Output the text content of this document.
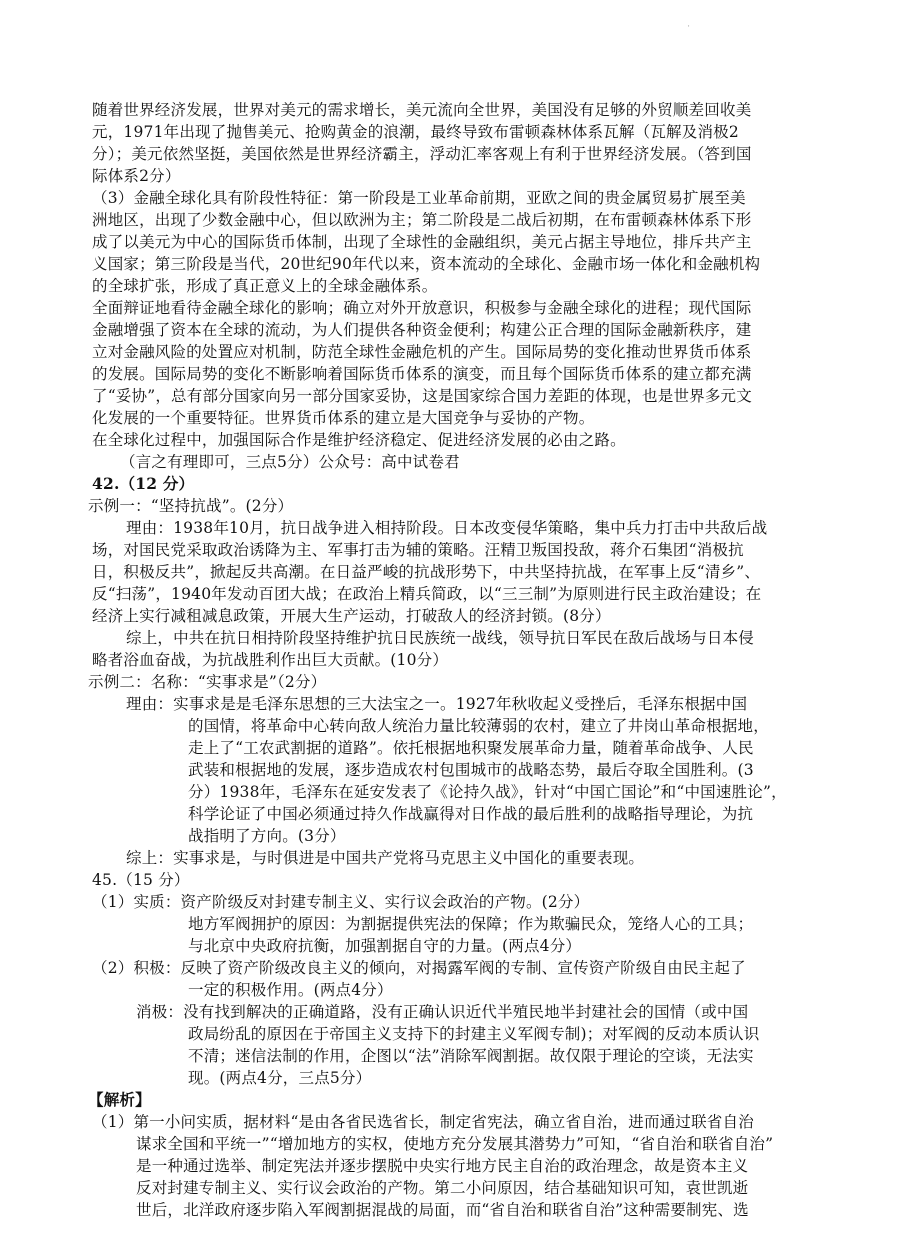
·
随着世界经济发展，世界对美元的需求增长，美元流向全世界，美国没有足够的外贸顺差回收美
元，1971年出现了抛售美元、抢购黄金的浪潮，最终导致布雷顿森林体系瓦解（瓦解及消极2
分）；美元依然坚挺，美国依然是世界经济霸主，浮动汇率客观上有利于世界经济发展。（答到国
际体系2分）
（3）金融全球化具有阶段性特征：第一阶段是工业革命前期，亚欧之间的贵金属贸易扩展至美
洲地区，出现了少数金融中心，但以欧洲为主；第二阶段是二战后初期，在布雷顿森林体系下形
成了以美元为中心的国际货币体制，出现了全球性的金融组织，美元占据主导地位，排斥共产主
义国家；第三阶段是当代，20世纪90年代以来，资本流动的全球化、金融市场一体化和金融机构
的全球扩张，形成了真正意义上的全球金融体系。
全面辩证地看待金融全球化的影响；确立对外开放意识，积极参与金融全球化的进程；现代国际
金融增强了资本在全球的流动，为人们提供各种资金便利；构建公正合理的国际金融新秩序，建
立对金融风险的处置应对机制，防范全球性金融危机的产生。国际局势的变化推动世界货币体系
的发展。国际局势的变化不断影响着国际货币体系的演变，而且每个国际货币体系的建立都充满
了“妥协”，总有部分国家向另一部分国家妥协，这是国家综合国力差距的体现，也是世界多元文
化发展的一个重要特征。世界货币体系的建立是大国竞争与妥协的产物。
在全球化过程中，加强国际合作是维护经济稳定、促进经济发展的必由之路。
（言之有理即可，三点5分）公众号：高中试卷君
42.（12 分）
示例一：“坚持抗战”。(2分）
理由：1938年10月，抗日战争进入相持阶段。日本改变侵华策略，集中兵力打击中共敌后战
场，对国民党采取政治诱降为主、军事打击为辅的策略。汪精卫叛国投敌，蒋介石集团“消极抗
日，积极反共”，掀起反共高潮。在日益严峻的抗战形势下，中共坚持抗战，在军事上反“清乡”、
反“扫荡”，1940年发动百团大战；在政治上精兵简政，以“三三制”为原则进行民主政治建设；在
经济上实行减租减息政策，开展大生产运动，打破敌人的经济封锁。(8分）
综上，中共在抗日相持阶段坚持维护抗日民族统一战线，领导抗日军民在敌后战场与日本侵
略者浴血奋战，为抗战胜利作出巨大贡献。(10分）
示例二：名称：“实事求是”（2分）
理由：实事求是是毛泽东思想的三大法宝之一。1927年秋收起义受挫后，毛泽东根据中国
的国情，将革命中心转向敌人统治力量比较薄弱的农村，建立了井岗山革命根据地，
走上了“工农武割据的道路”。依托根据地积聚发展革命力量，随着革命战争、人民
武装和根据地的发展，逐步造成农村包围城市的战略态势，最后夺取全国胜利。(3
分）1938年，毛泽东在延安发表了《论持久战》，针对“中国亡国论”和“中国速胜论”，
科学论证了中国必须通过持久作战赢得对日作战的最后胜利的战略指导理论，为抗
战指明了方向。(3分）
综上：实事求是，与时俱进是中国共产党将马克思主义中国化的重要表现。
45.（15 分）
（1）实质：资产阶级反对封建专制主义、实行议会政治的产物。(2分）
地方军阀拥护的原因：为割据提供宪法的保障；作为欺骗民众，笼络人心的工具；
与北京中央政府抗衡，加强割据自守的力量。(两点4分）
（2）积极：反映了资产阶级改良主义的倾向，对揭露军阀的专制、宣传资产阶级自由民主起了
一定的积极作用。(两点4分）
消极：没有找到解决的正确道路，没有正确认识近代半殖民地半封建社会的国情（或中国
政局纷乱的原因在于帝国主义支持下的封建主义军阀专制)；对军阀的反动本质认识
不清；迷信法制的作用，企图以“法”消除军阀割据。故仅限于理论的空谈，无法实
现。(两点4分，三点5分）
【解析】
（1）第一小问实质，据材料“是由各省民选省长，制定省宪法，确立省自治，进而通过联省自治
谋求全国和平统一”“增加地方的实权，使地方充分发展其潜势力”可知，“省自治和联省自治”
是一种通过选举、制定宪法并逐步摆脱中央实行地方民主自治的政治理念，故是资本主义
反对封建专制主义、实行议会政治的产物。第二小问原因，结合基础知识可知，袁世凯逝
世后，北洋政府逐步陷入军阀割据混战的局面，而“省自治和联省自治”这种需要制宪、选
